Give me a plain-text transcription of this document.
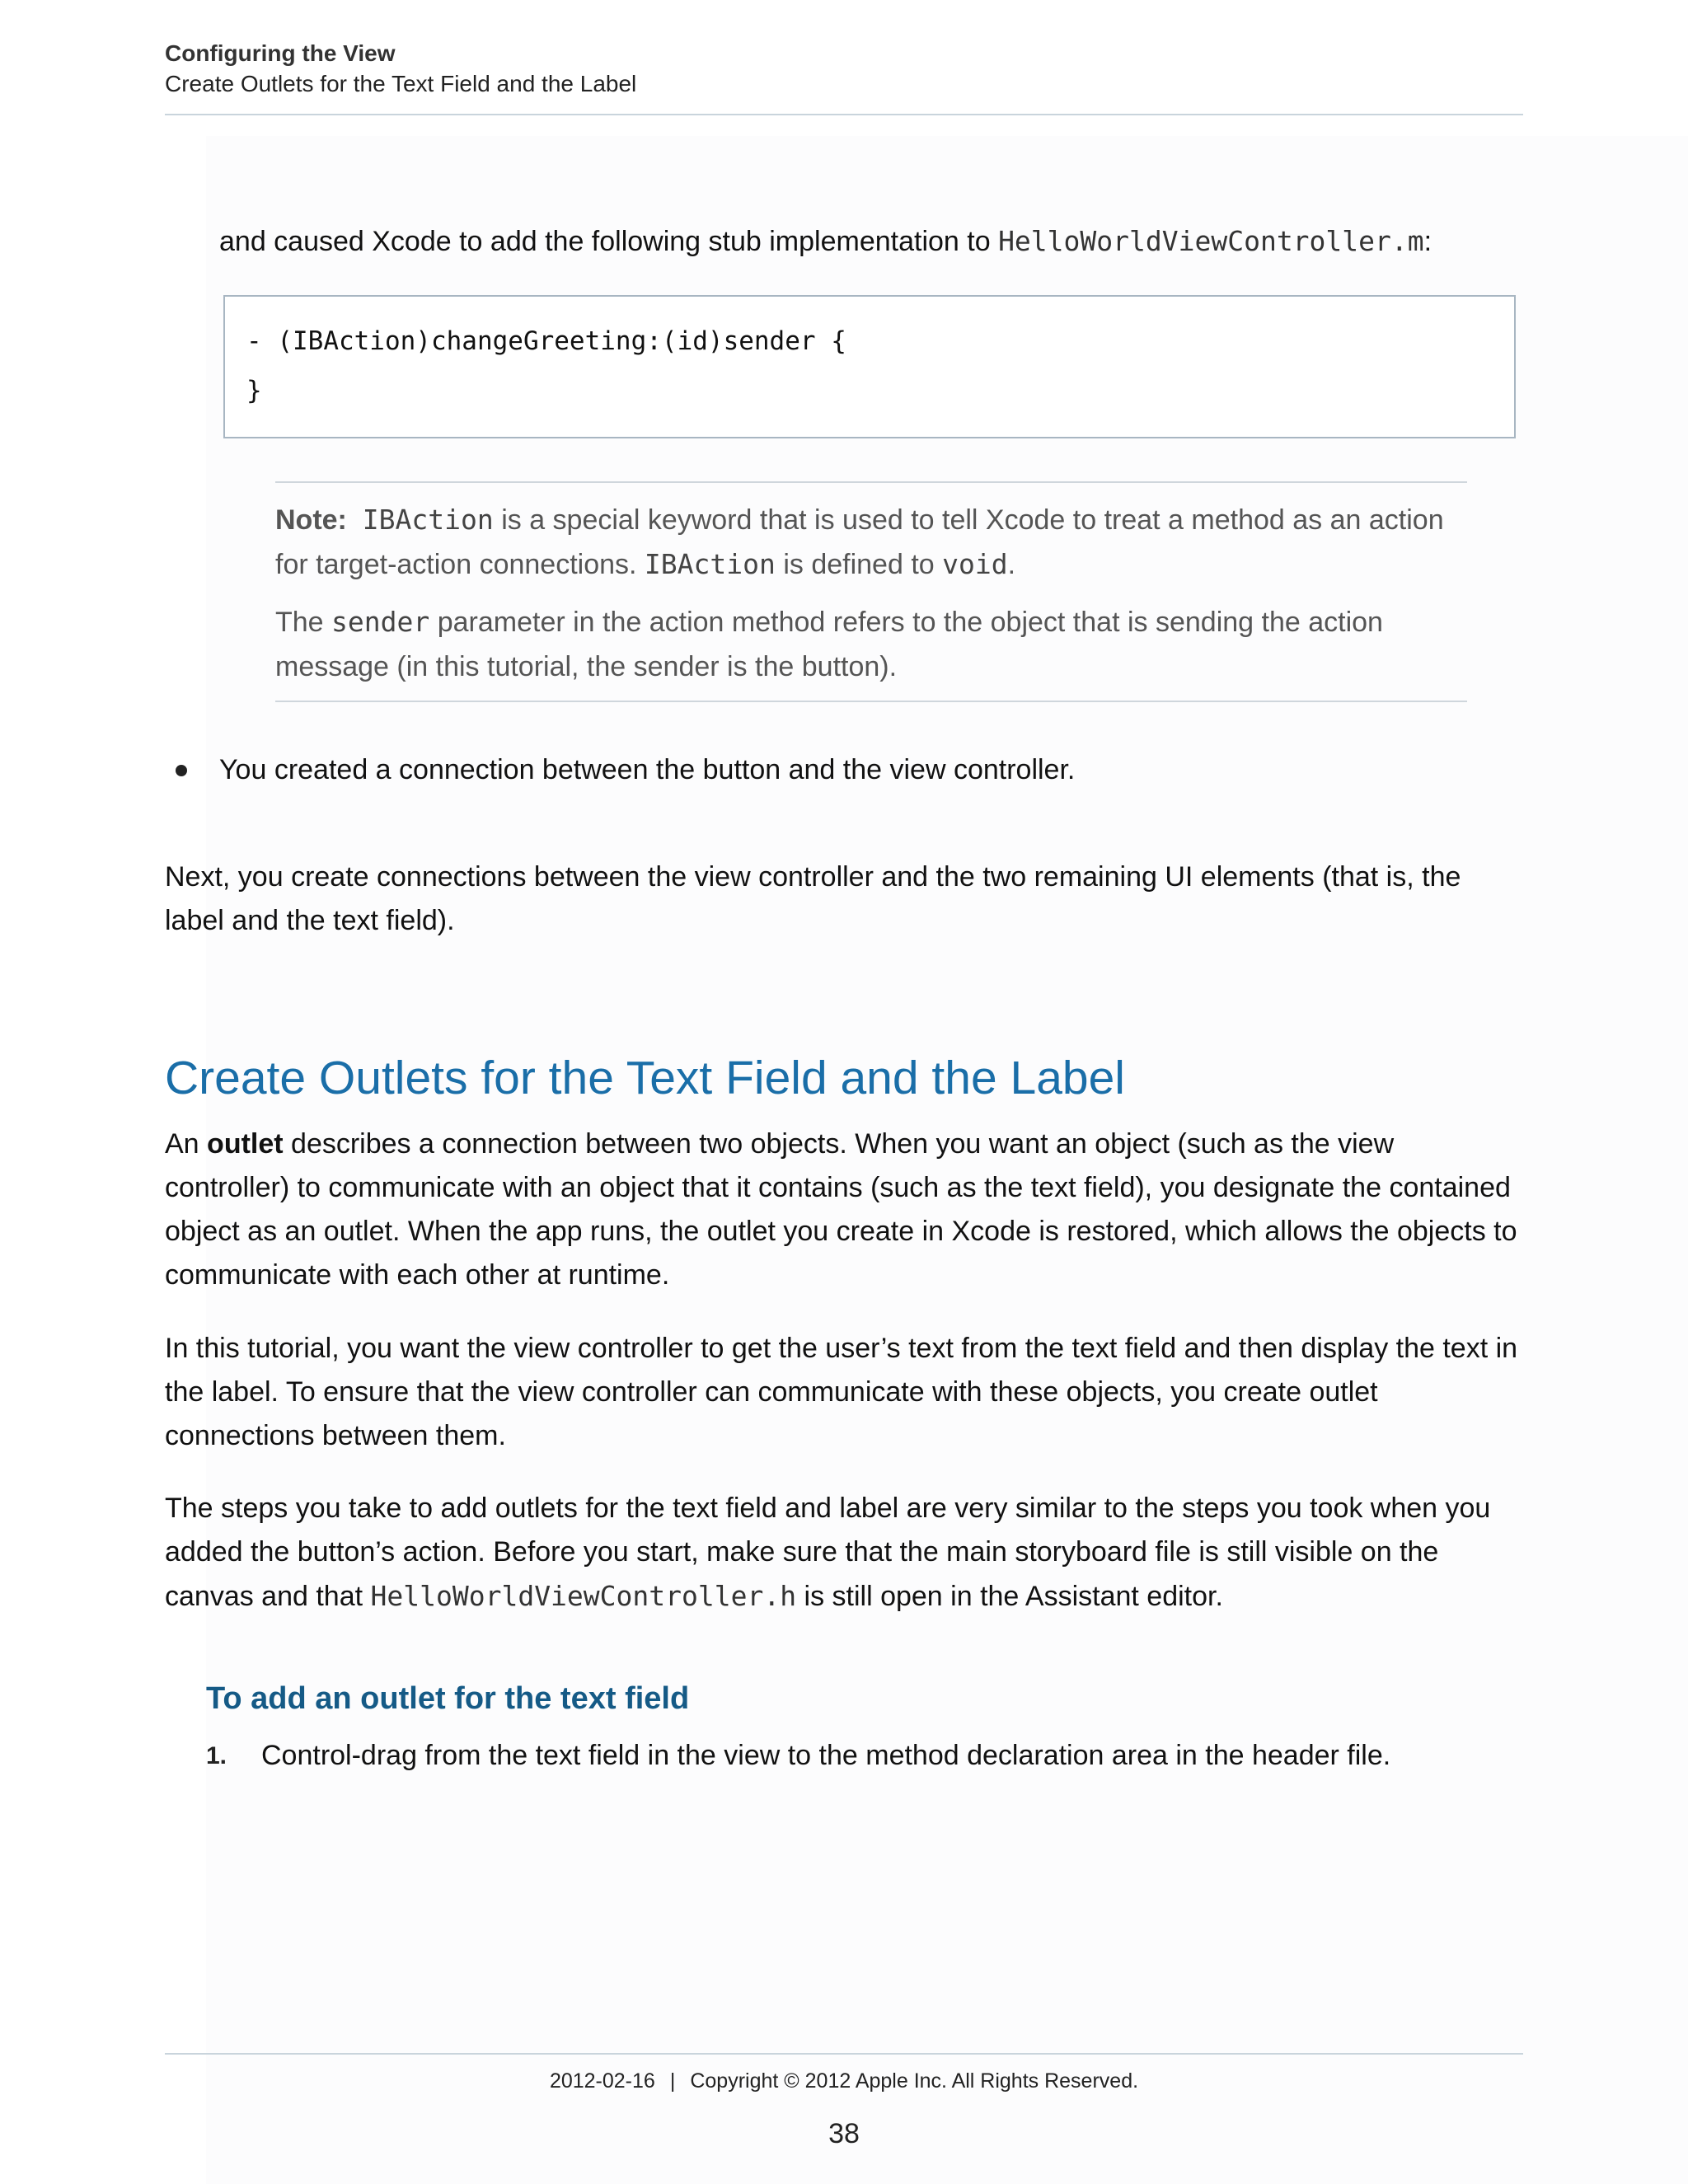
Configuring the View
Create Outlets for the Text Field and the Label
and caused Xcode to add the following stub implementation to HelloWorldViewController.m:
- (IBAction)changeGreeting:(id)sender {
}

Note: IBAction is a special keyword that is used to tell Xcode to treat a method as an action for target-action connections. IBAction is defined to void.

The sender parameter in the action method refers to the object that is sending the action message (in this tutorial, the sender is the button).

You created a connection between the button and the view controller.
Next, you create connections between the view controller and the two remaining UI elements (that is, the label and the text field).
Create Outlets for the Text Field and the Label
An outlet describes a connection between two objects. When you want an object (such as the view controller) to communicate with an object that it contains (such as the text field), you designate the contained object as an outlet. When the app runs, the outlet you create in Xcode is restored, which allows the objects to communicate with each other at runtime.
In this tutorial, you want the view controller to get the user’s text from the text field and then display the text in the label. To ensure that the view controller can communicate with these objects, you create outlet connections between them.
The steps you take to add outlets for the text field and label are very similar to the steps you took when you added the button’s action. Before you start, make sure that the main storyboard file is still visible on the canvas and that HelloWorldViewController.h is still open in the Assistant editor.
To add an outlet for the text field
1. Control-drag from the text field in the view to the method declaration area in the header file.
2012-02-16 | Copyright © 2012 Apple Inc. All Rights Reserved.
38
